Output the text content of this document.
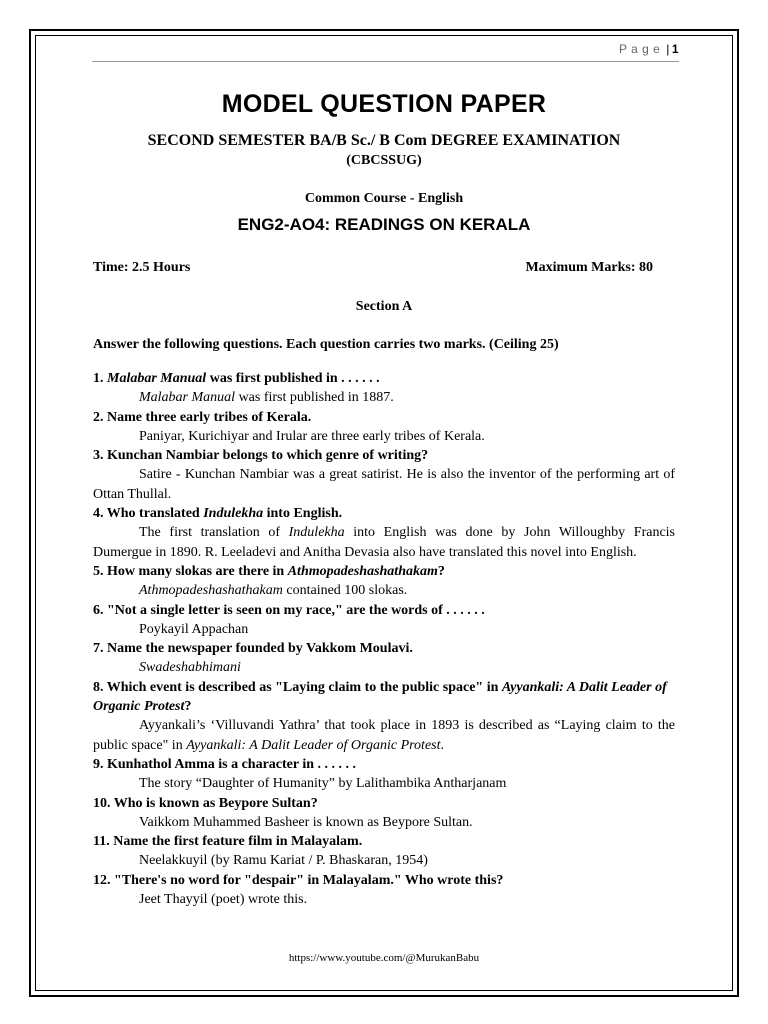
P a g e | 1
MODEL QUESTION PAPER
SECOND SEMESTER BA/B Sc./ B Com DEGREE EXAMINATION
(CBCSSUG)
Common Course - English
ENG2-AO4: READINGS ON KERALA
Time: 2.5 Hours	Maximum Marks: 80
Section A
Answer the following questions. Each question carries two marks. (Ceiling 25)
1. Malabar Manual was first published in . . . . . .
Malabar Manual was first published in 1887.
2. Name three early tribes of Kerala.
Paniyar, Kurichiyar and Irular are three early tribes of Kerala.
3. Kunchan Nambiar belongs to which genre of writing?
Satire - Kunchan Nambiar was a great satirist. He is also the inventor of the performing art of Ottan Thullal.
4. Who translated Indulekha into English.
The first translation of Indulekha into English was done by John Willoughby Francis Dumergue in 1890. R. Leeladevi and Anitha Devasia also have translated this novel into English.
5. How many slokas are there in Athmopadeshashathakam?
Athmopadeshashathakam contained 100 slokas.
6. "Not a single letter is seen on my race," are the words of . . . . . .
Poykayil Appachan
7. Name the newspaper founded by Vakkom Moulavi.
Swadeshabhimani
8. Which event is described as "Laying claim to the public space" in Ayyankali: A Dalit Leader of Organic Protest?
Ayyankali’s ‘Villuvandi Yathra’ that took place in 1893 is described as “Laying claim to the public space" in Ayyankali: A Dalit Leader of Organic Protest.
9. Kunhathol Amma is a character in . . . . . .
The story “Daughter of Humanity” by Lalithambika Antharjanam
10. Who is known as Beypore Sultan?
Vaikkom Muhammed Basheer is known as Beypore Sultan.
11. Name the first feature film in Malayalam.
Neelakkuyil (by Ramu Kariat / P. Bhaskaran, 1954)
12. "There's no word for "despair" in Malayalam." Who wrote this?
Jeet Thayyil (poet) wrote this.
https://www.youtube.com/@MurukanBabu
